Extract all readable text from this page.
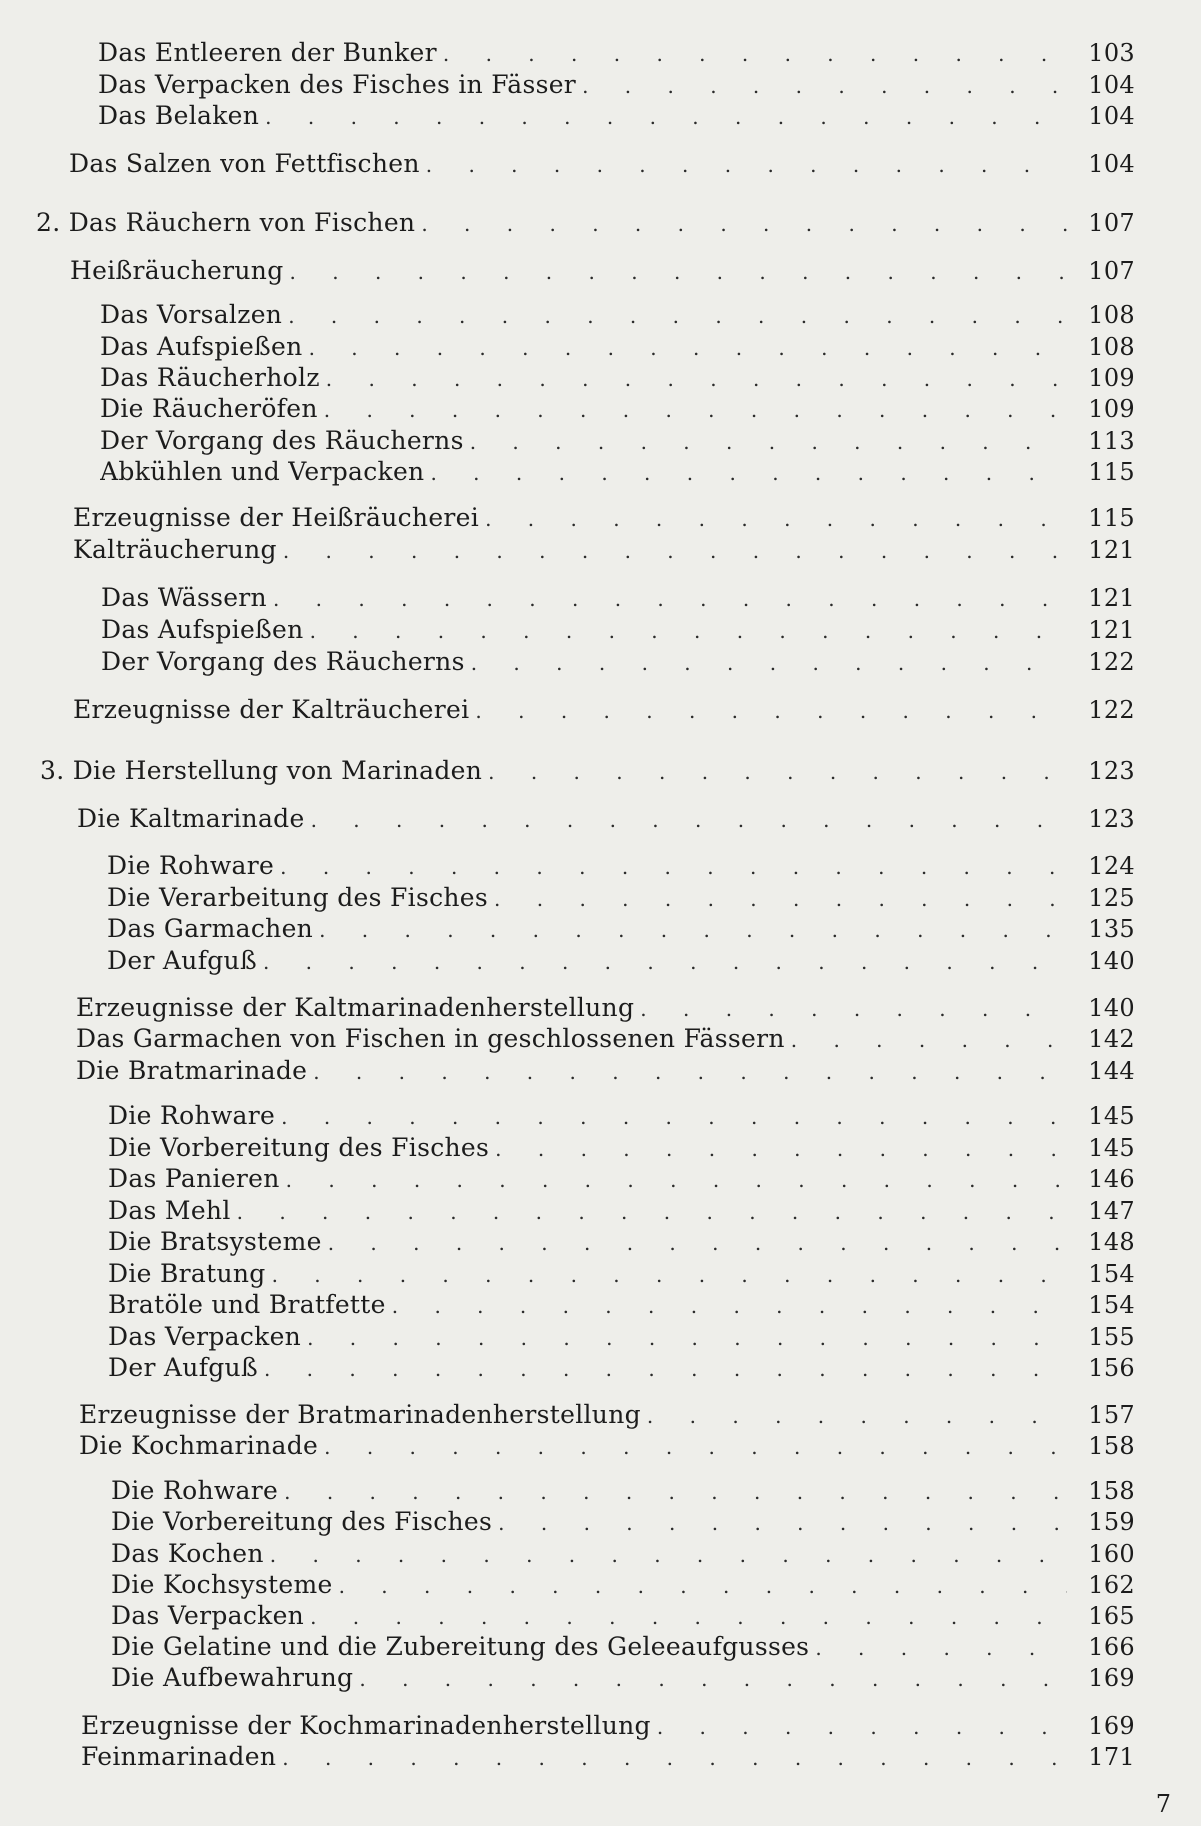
Das Entleeren der Bunker . . .	103
Das Verpacken des Fisches in Fässer . . .	104
Das Belaken . . .	104
Das Salzen von Fettfischen . . .	104
2. Das Räuchern von Fischen . . .	107
Heißräucherung . . .	107
Das Vorsalzen . . .	108
Das Aufspießen . . .	108
Das Räucherholz . . .	109
Die Räucheröfen . . .	109
Der Vorgang des Räucherns . . .	113
Abkühlen und Verpacken . . .	115
Erzeugnisse der Heißräucherei . . .	115
Kalträucherung . . .	121
Das Wässern . . .	121
Das Aufspießen . . .	121
Der Vorgang des Räucherns . . .	122
Erzeugnisse der Kalträucherei . . .	122
3. Die Herstellung von Marinaden . . .	123
Die Kaltmarinade . . .	123
Die Rohware . . .	124
Die Verarbeitung des Fisches . . .	125
Das Garmachen . . .	135
Der Aufguß . . .	140
Erzeugnisse der Kaltmarinadenherstellung . . .	140
Das Garmachen von Fischen in geschlossenen Fässern . . .	142
Die Bratmarinade . . .	144
Die Rohware . . .	145
Die Vorbereitung des Fisches . . .	145
Das Panieren . . .	146
Das Mehl . . .	147
Die Bratsysteme . . .	148
Die Bratung . . .	154
Bratöle und Bratfette . . .	154
Das Verpacken . . .	155
Der Aufguß . . .	156
Erzeugnisse der Bratmarinadenherstellung . . .	157
Die Kochmarinade . . .	158
Die Rohware . . .	158
Die Vorbereitung des Fisches . . .	159
Das Kochen . . .	160
Die Kochsysteme . . .	162
Das Verpacken . . .	165
Die Gelatine und die Zubereitung des Geleeaufgusses . . .	166
Die Aufbewahrung . . .	169
Erzeugnisse der Kochmarinadenherstellung . . .	169
Feinmarinaden . . .	171
7
